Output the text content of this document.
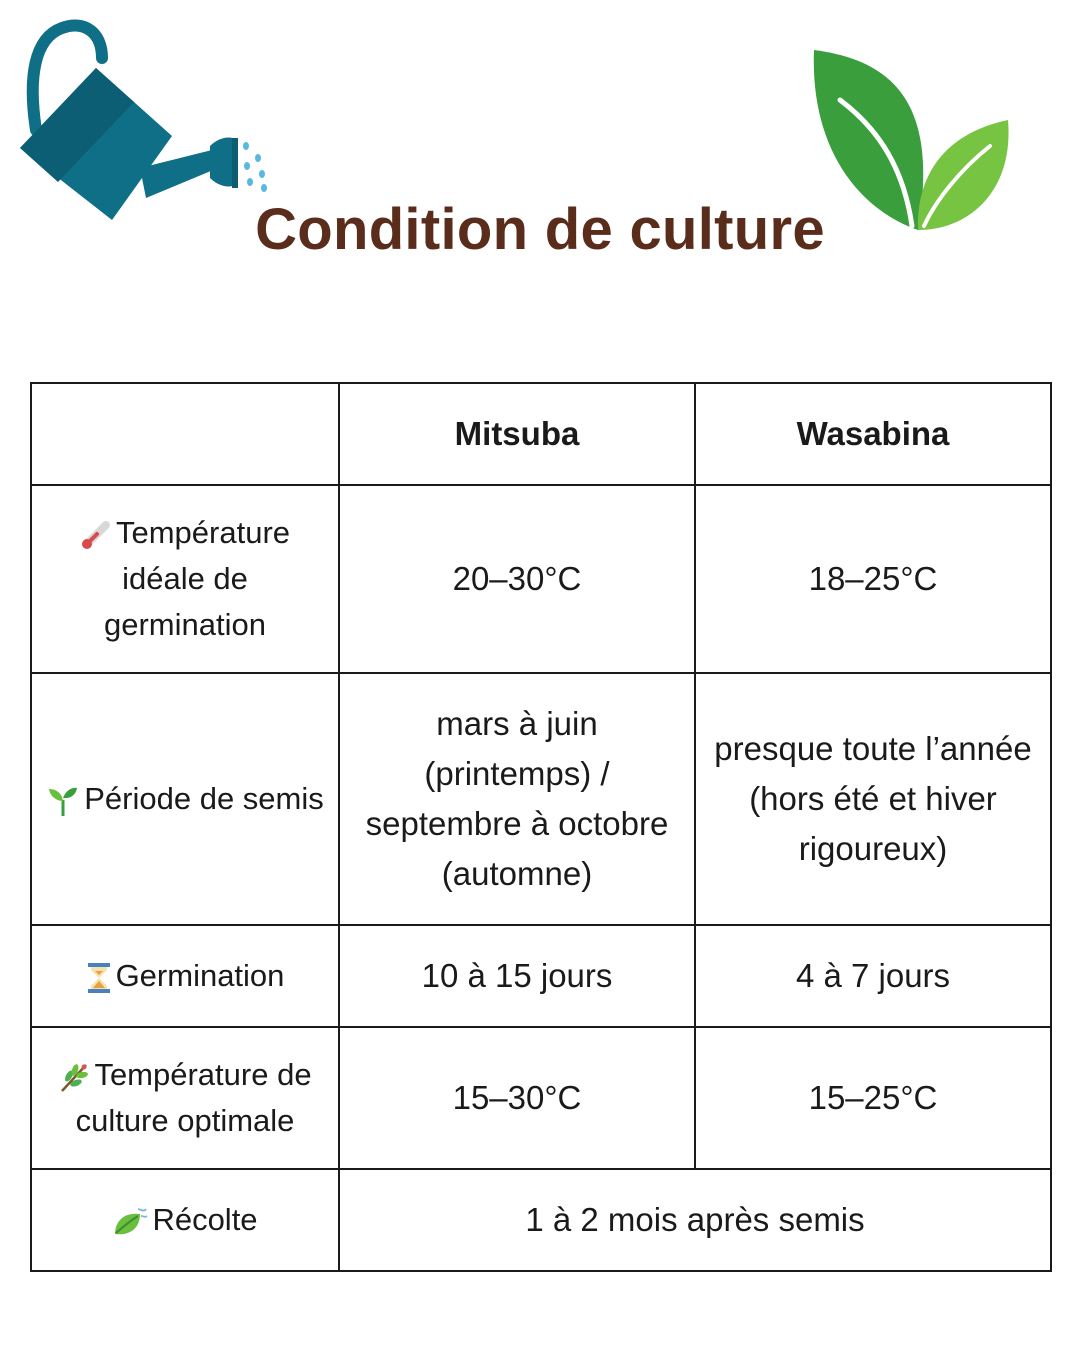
Condition de culture
	Mitsuba	Wasabina

Température idéale de germination	20–30°C	18–25°C

Période de semis	mars à juin (printemps) / septembre à octobre (automne)	presque toute l’année (hors été et hiver rigoureux)

Germination	10 à 15 jours	4 à 7 jours

Température de culture optimale	15–30°C	15–25°C

Récolte	1 à 2 mois après semis	
